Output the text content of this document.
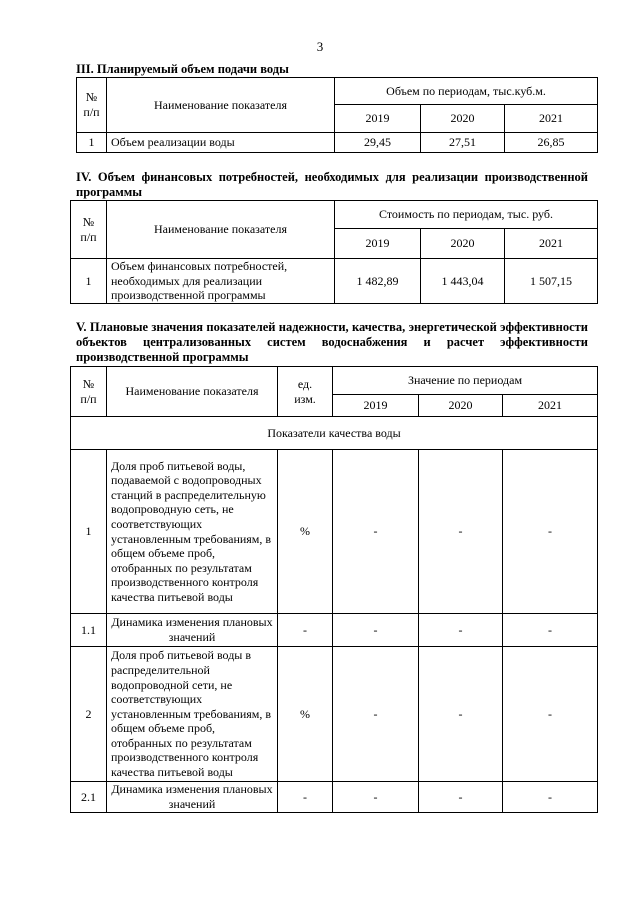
3
III. Планируемый объем подачи воды
№
п/п	Наименование показателя	Объем по периодам, тыс.куб.м.		
		2019	2020	2021
1	Объем реализации воды	29,45	27,51	26,85
IV. Объем финансовых потребностей, необходимых для реализации производственной программы
№
п/п	Наименование показателя	Стоимость по периодам, тыс. руб.		
		2019	2020	2021
1	Объем финансовых потребностей, необходимых для реализации производственной программы	1 482,89	1 443,04	1 507,15
V. Плановые значения показателей надежности, качества, энергетической эффективности объектов централизованных систем водоснабжения и расчет эффективности производственной программы
№
п/п	Наименование показателя	ед.
изм.	Значение по периодам		
			2019	2020	2021
Показатели качества воды					
1	Доля проб питьевой воды, подаваемой с водопроводных станций в распределительную водопроводную сеть, не соответствующих установленным требованиям, в общем объеме проб, отобранных по результатам производственного контроля качества питьевой воды	%	-	-	-
1.1	Динамика изменения плановых значений	-	-	-	-
2	Доля проб питьевой воды в распределительной водопроводной сети, не соответствующих установленным требованиям, в общем объеме проб, отобранных по результатам производственного контроля качества питьевой воды	%	-	-	-
2.1	Динамика изменения плановых значений	-	-	-	-
